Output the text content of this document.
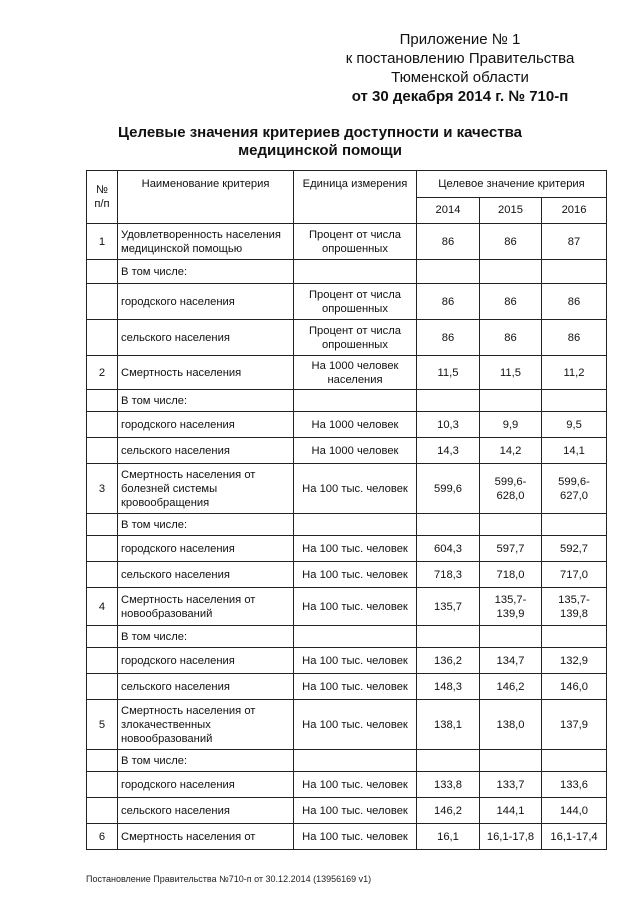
Приложение № 1
к постановлению Правительства
Тюменской области
от 30 декабря 2014 г. № 710-п
Целевые значения критериев доступности и качества
медицинской помощи
№ п/п	Наименование критерия	Единица измерения	Целевое значение критерия		
			2014	2015	2016
1	Удовлетворенность населения медицинской помощью	Процент от числа опрошенных	86	86	87
	В том числе:				
	городского населения	Процент от числа опрошенных	86	86	86
	сельского населения	Процент от числа опрошенных	86	86	86
2	Смертность населения	На 1000 человек населения	11,5	11,5	11,2
	В том числе:				
	городского населения	На 1000 человек	10,3	9,9	9,5
	сельского населения	На 1000 человек	14,3	14,2	14,1
3	Смертность населения от болезней системы кровообращения	На 100 тыс. человек	599,6	599,6-628,0	599,6-627,0
	В том числе:				
	городского населения	На 100 тыс. человек	604,3	597,7	592,7
	сельского населения	На 100 тыс. человек	718,3	718,0	717,0
4	Смертность населения от новообразований	На 100 тыс. человек	135,7	135,7-139,9	135,7-139,8
	В том числе:				
	городского населения	На 100 тыс. человек	136,2	134,7	132,9
	сельского населения	На 100 тыс. человек	148,3	146,2	146,0
5	Смертность населения от злокачественных новообразований	На 100 тыс. человек	138,1	138,0	137,9
	В том числе:				
	городского населения	На 100 тыс. человек	133,8	133,7	133,6
	сельского населения	На 100 тыс. человек	146,2	144,1	144,0
6	Смертность населения от	На 100 тыс. человек	16,1	16,1-17,8	16,1-17,4
Постановление Правительства №710-п от 30.12.2014 (13956169 v1)
